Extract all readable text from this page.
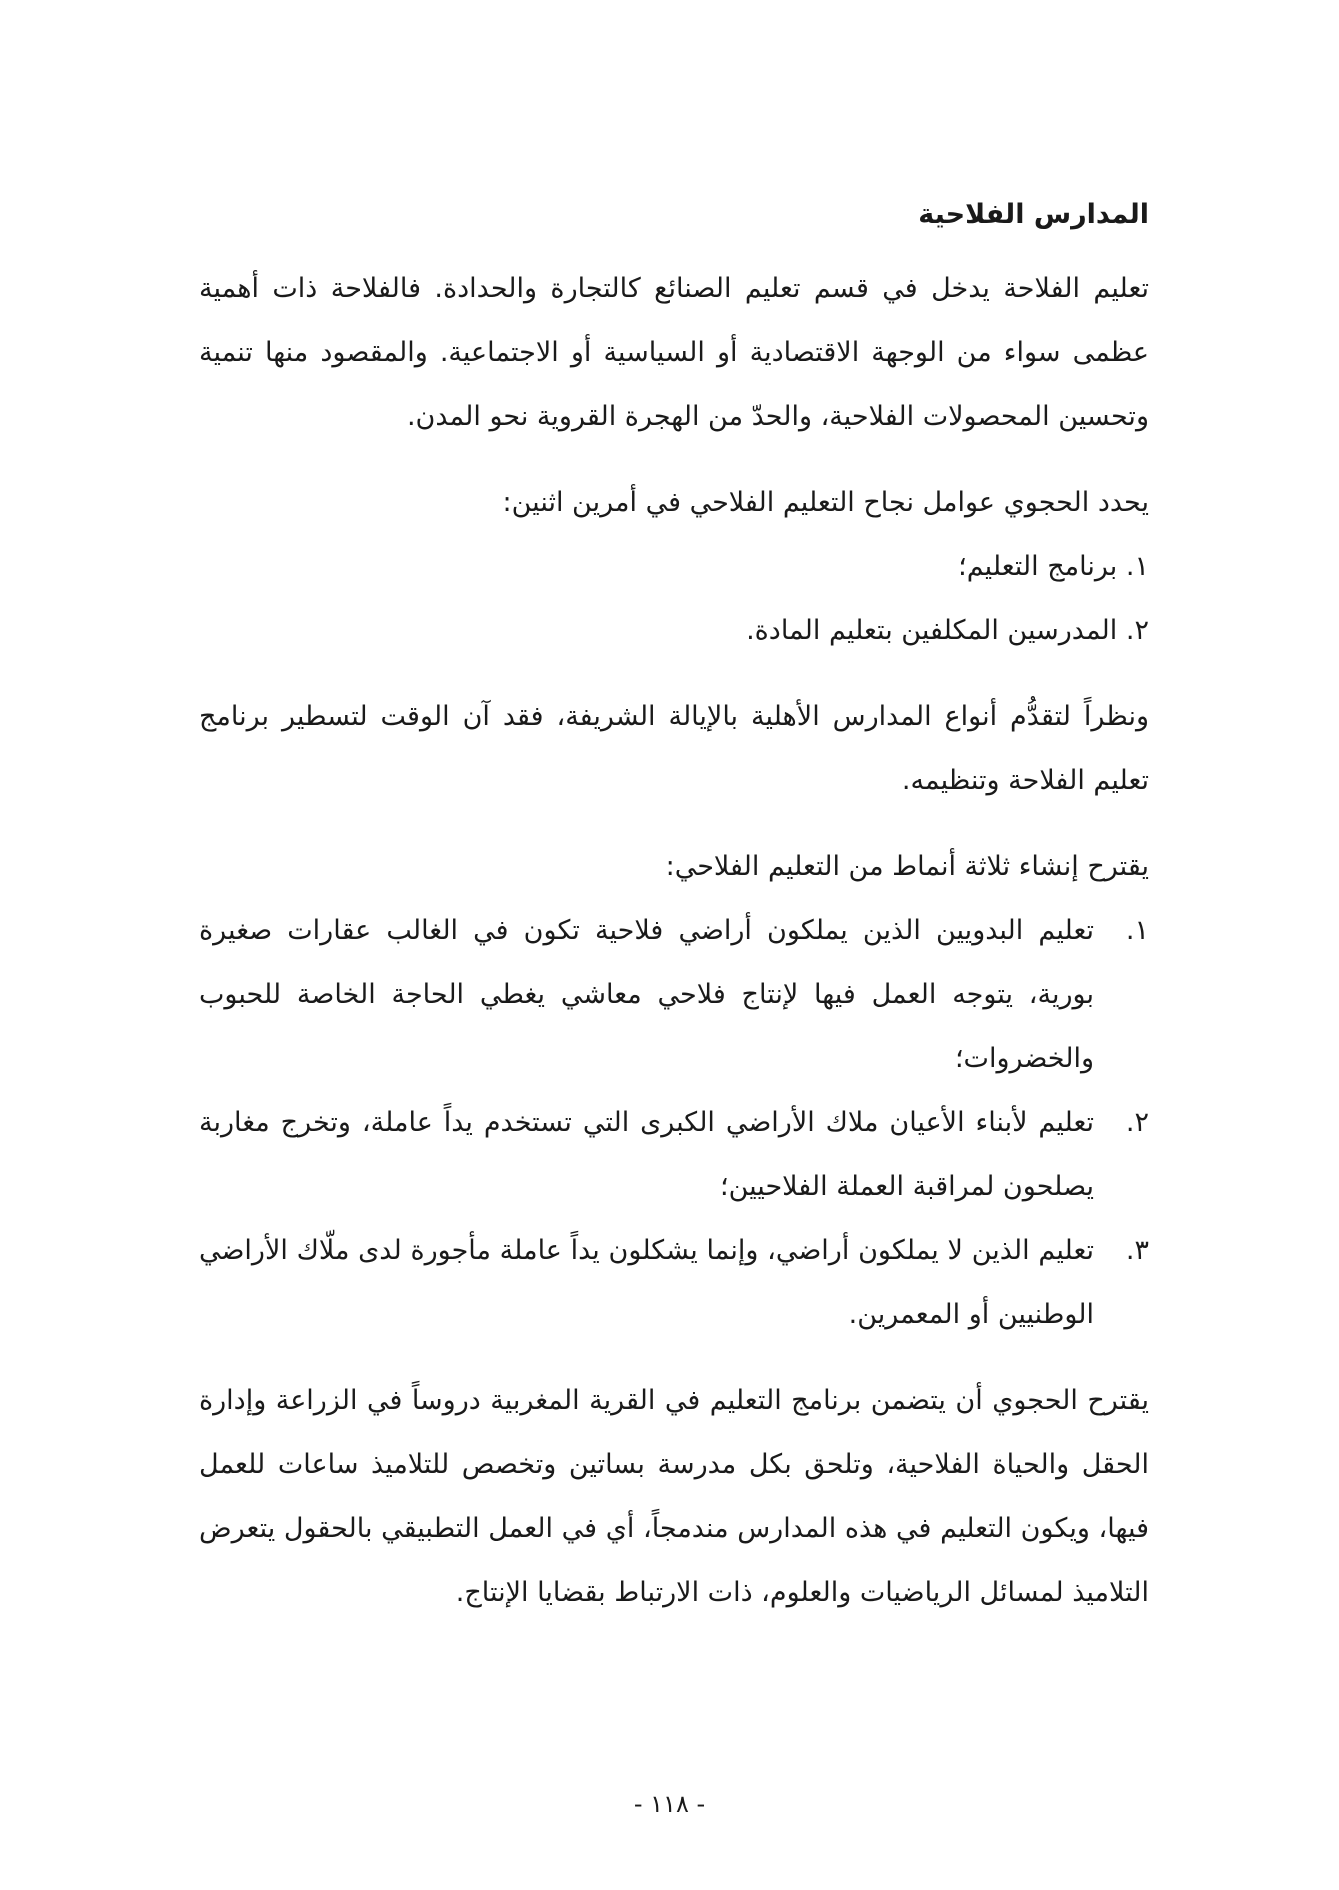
المدارس الفلاحية

تعليم الفلاحة يدخل في قسم تعليم الصنائع كالتجارة والحدادة. فالفلاحة ذات أهمية عظمى سواء من الوجهة الاقتصادية أو السياسية أو الاجتماعية. والمقصود منها تنمية وتحسين المحصولات الفلاحية، والحدّ من الهجرة القروية نحو المدن.

يحدد الحجوي عوامل نجاح التعليم الفلاحي في أمرين اثنين:

١. برنامج التعليم؛
٢. المدرسين المكلفين بتعليم المادة.

ونظراً لتقدُّم أنواع المدارس الأهلية بالإيالة الشريفة، فقد آن الوقت لتسطير برنامج تعليم الفلاحة وتنظيمه.

يقترح إنشاء ثلاثة أنماط من التعليم الفلاحي:

١.
تعليم البدويين الذين يملكون أراضي فلاحية تكون في الغالب عقارات صغيرة بورية، يتوجه العمل فيها لإنتاج فلاحي معاشي يغطي الحاجة الخاصة للحبوب والخضروات؛
٢.
تعليم لأبناء الأعيان ملاك الأراضي الكبرى التي تستخدم يداً عاملة، وتخرج مغاربة يصلحون لمراقبة العملة الفلاحيين؛
٣.
تعليم الذين لا يملكون أراضي، وإنما يشكلون يداً عاملة مأجورة لدى ملّاك الأراضي الوطنيين أو المعمرين.

يقترح الحجوي أن يتضمن برنامج التعليم في القرية المغربية دروساً في الزراعة وإدارة الحقل والحياة الفلاحية، وتلحق بكل مدرسة بساتين وتخصص للتلاميذ ساعات للعمل فيها، ويكون التعليم في هذه المدارس مندمجاً، أي في العمل التطبيقي بالحقول يتعرض التلاميذ لمسائل الرياضيات والعلوم، ذات الارتباط بقضايا الإنتاج.

- ١١٨ -
